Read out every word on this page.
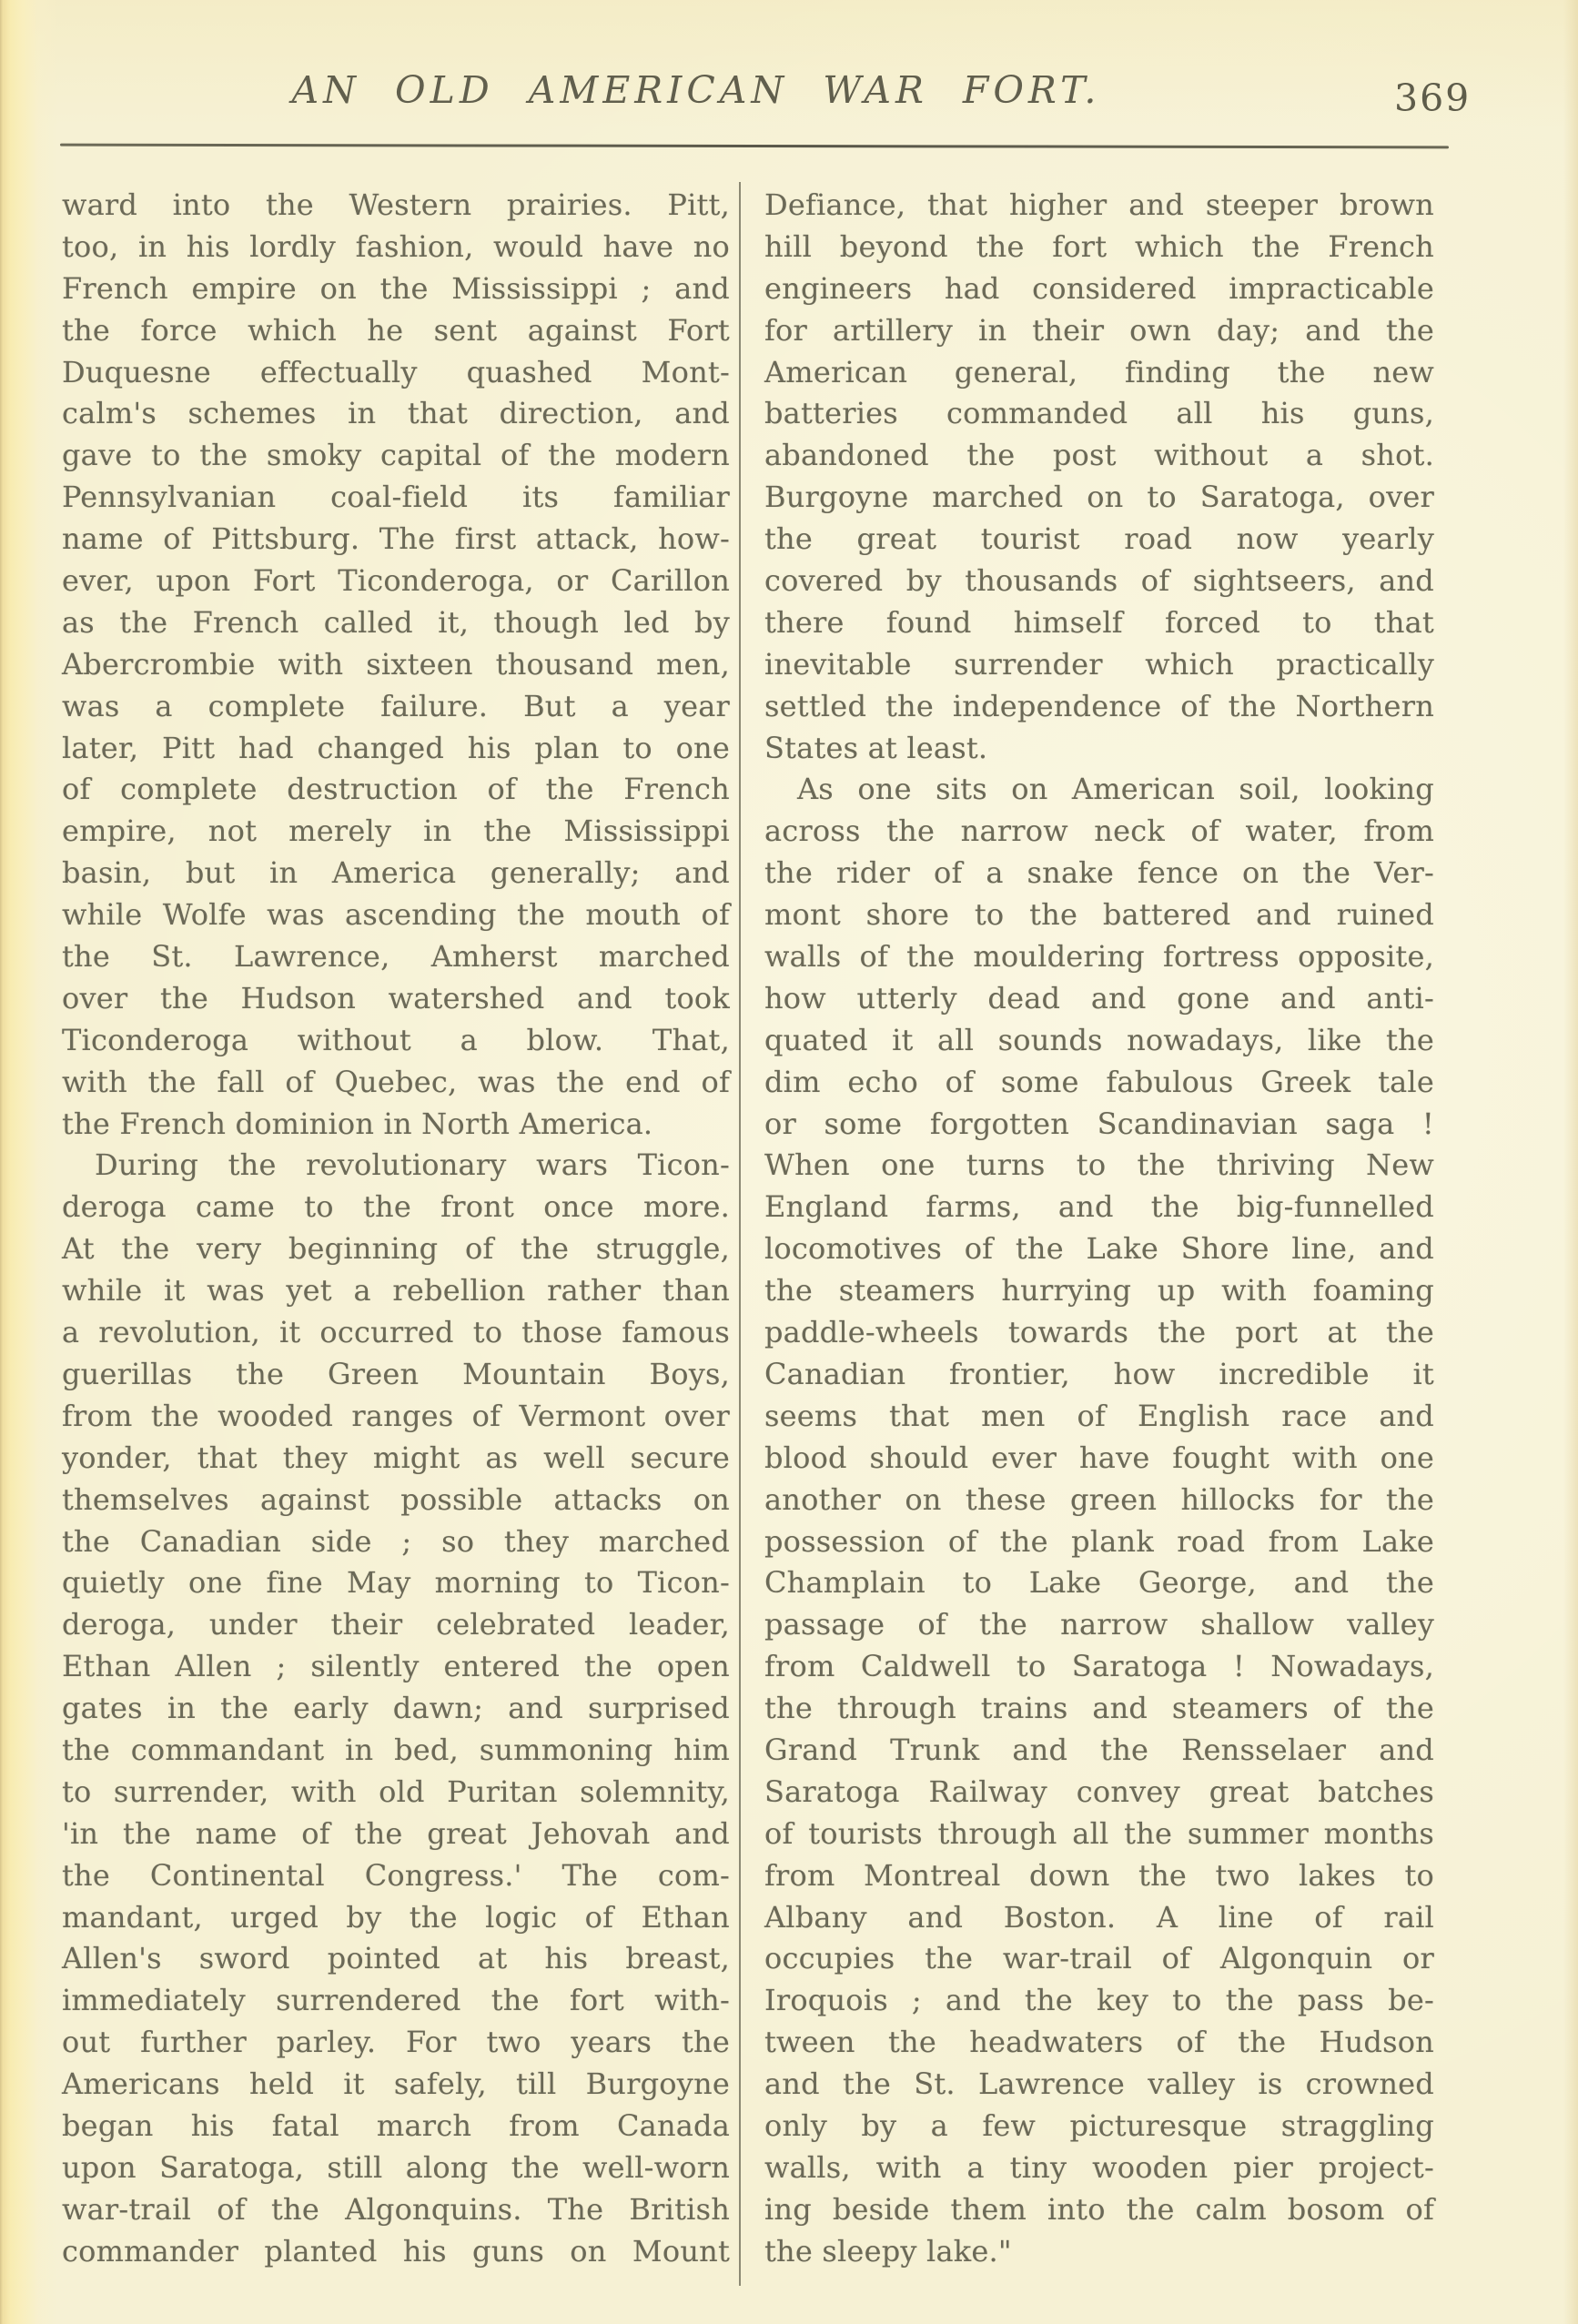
AN OLD AMERICAN WAR FORT.	369
ward into the Western prairies. Pitt,
too, in his lordly fashion, would have no
French empire on the Mississippi ; and
the force which he sent against Fort
Duquesne effectually quashed Mont-
calm's schemes in that direction, and
gave to the smoky capital of the modern
Pennsylvanian coal-field its familiar
name of Pittsburg. The first attack, how-
ever, upon Fort Ticonderoga, or Carillon
as the French called it, though led by
Abercrombie with sixteen thousand men,
was a complete failure. But a year
later, Pitt had changed his plan to one
of complete destruction of the French
empire, not merely in the Mississippi
basin, but in America generally; and
while Wolfe was ascending the mouth of
the St. Lawrence, Amherst marched
over the Hudson watershed and took
Ticonderoga without a blow. That,
with the fall of Quebec, was the end of
the French dominion in North America.
During the revolutionary wars Ticon-
deroga came to the front once more.
At the very beginning of the struggle,
while it was yet a rebellion rather than
a revolution, it occurred to those famous
guerillas the Green Mountain Boys,
from the wooded ranges of Vermont over
yonder, that they might as well secure
themselves against possible attacks on
the Canadian side ; so they marched
quietly one fine May morning to Ticon-
deroga, under their celebrated leader,
Ethan Allen ; silently entered the open
gates in the early dawn; and surprised
the commandant in bed, summoning him
to surrender, with old Puritan solemnity,
'in the name of the great Jehovah and
the Continental Congress.' The com-
mandant, urged by the logic of Ethan
Allen's sword pointed at his breast,
immediately surrendered the fort with-
out further parley. For two years the
Americans held it safely, till Burgoyne
began his fatal march from Canada
upon Saratoga, still along the well-worn
war-trail of the Algonquins. The British
commander planted his guns on Mount
Defiance, that higher and steeper brown
hill beyond the fort which the French
engineers had considered impracticable
for artillery in their own day; and the
American general, finding the new
batteries commanded all his guns,
abandoned the post without a shot.
Burgoyne marched on to Saratoga, over
the great tourist road now yearly
covered by thousands of sightseers, and
there found himself forced to that
inevitable surrender which practically
settled the independence of the Northern
States at least.
As one sits on American soil, looking
across the narrow neck of water, from
the rider of a snake fence on the Ver-
mont shore to the battered and ruined
walls of the mouldering fortress opposite,
how utterly dead and gone and anti-
quated it all sounds nowadays, like the
dim echo of some fabulous Greek tale
or some forgotten Scandinavian saga !
When one turns to the thriving New
England farms, and the big-funnelled
locomotives of the Lake Shore line, and
the steamers hurrying up with foaming
paddle-wheels towards the port at the
Canadian frontier, how incredible it
seems that men of English race and
blood should ever have fought with one
another on these green hillocks for the
possession of the plank road from Lake
Champlain to Lake George, and the
passage of the narrow shallow valley
from Caldwell to Saratoga ! Nowadays,
the through trains and steamers of the
Grand Trunk and the Rensselaer and
Saratoga Railway convey great batches
of tourists through all the summer months
from Montreal down the two lakes to
Albany and Boston. A line of rail
occupies the war-trail of Algonquin or
Iroquois ; and the key to the pass be-
tween the headwaters of the Hudson
and the St. Lawrence valley is crowned
only by a few picturesque straggling
walls, with a tiny wooden pier project-
ing beside them into the calm bosom of
the sleepy lake."
